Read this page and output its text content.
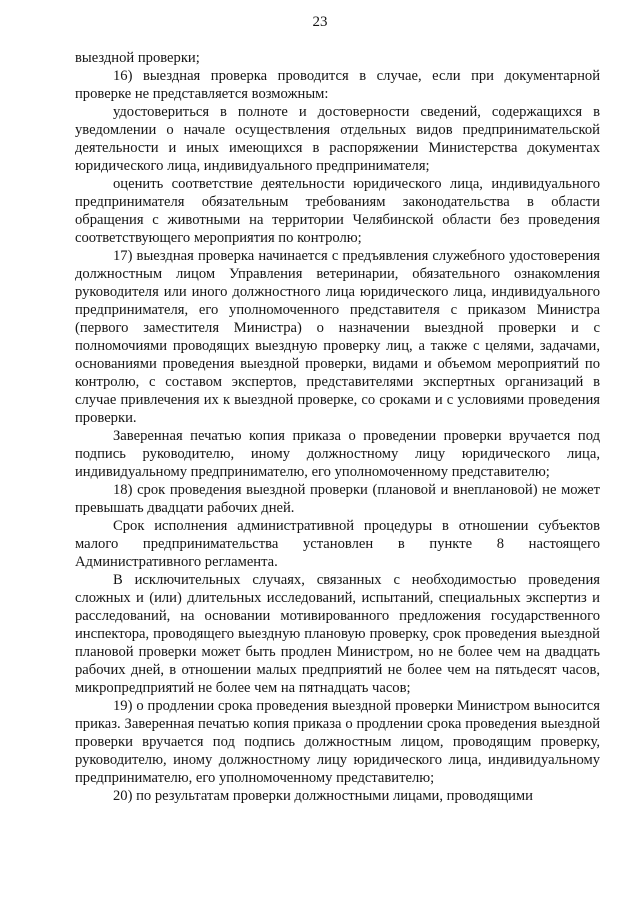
23

выездной проверки;

16) выездная проверка проводится в случае, если при документарной проверке не представляется возможным:

удостовериться в полноте и достоверности сведений, содержащихся в уведомлении о начале осуществления отдельных видов предпринимательской деятельности и иных имеющихся в распоряжении Министерства документах юридического лица, индивидуального предпринимателя;

оценить соответствие деятельности юридического лица, индивидуального предпринимателя обязательным требованиям законодательства в области обращения с животными на территории Челябинской области без проведения соответствующего мероприятия по контролю;

17) выездная проверка начинается с предъявления служебного удостоверения должностным лицом Управления ветеринарии, обязательного ознакомления руководителя или иного должностного лица юридического лица, индивидуального предпринимателя, его уполномоченного представителя с приказом Министра (первого заместителя Министра) о назначении выездной проверки и с полномочиями проводящих выездную проверку лиц, а также с целями, задачами, основаниями проведения выездной проверки, видами и объемом мероприятий по контролю, с составом экспертов, представителями экспертных организаций в случае привлечения их к выездной проверке, со сроками и с условиями проведения проверки.

Заверенная печатью копия приказа о проведении проверки вручается под подпись руководителю, иному должностному лицу юридического лица, индивидуальному предпринимателю, его уполномоченному представителю;

18) срок проведения выездной проверки (плановой и внеплановой) не может превышать двадцати рабочих дней.

Срок исполнения административной процедуры в отношении субъектов малого предпринимательства установлен в пункте 8 настоящего Административного регламента.

В исключительных случаях, связанных с необходимостью проведения сложных и (или) длительных исследований, испытаний, специальных экспертиз и расследований, на основании мотивированного предложения государственного инспектора, проводящего выездную плановую проверку, срок проведения выездной плановой проверки может быть продлен Министром, но не более чем на двадцать рабочих дней, в отношении малых предприятий не более чем на пятьдесят часов, микропредприятий не более чем на пятнадцать часов;

19) о продлении срока проведения выездной проверки Министром выносится приказ. Заверенная печатью копия приказа о продлении срока проведения выездной проверки вручается под подпись должностным лицом, проводящим проверку, руководителю, иному должностному лицу юридического лица, индивидуальному предпринимателю, его уполномоченному представителю;

20) по результатам проверки должностными лицами, проводящими
